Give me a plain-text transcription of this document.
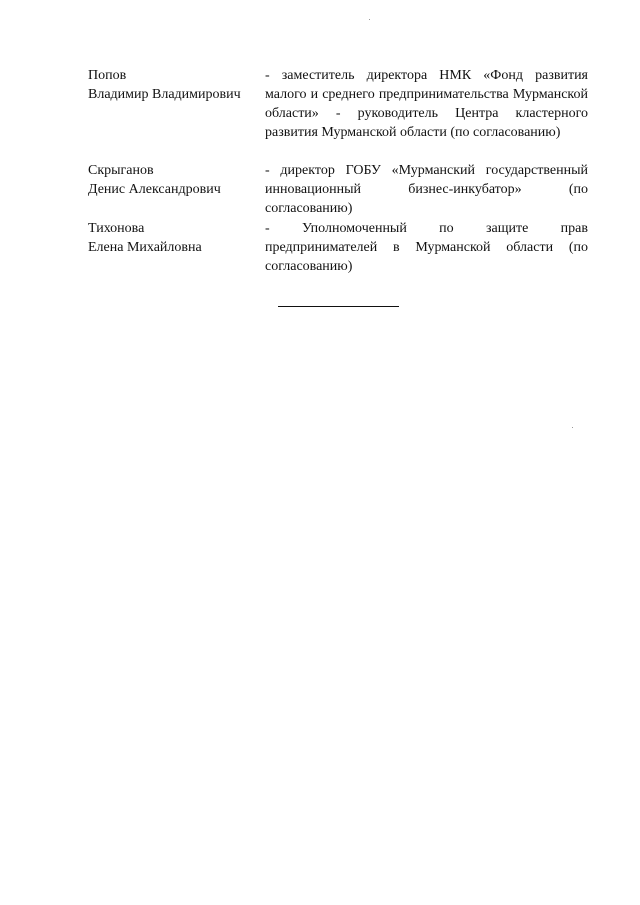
Попов
Владимир Владимирович
- заместитель директора НМК «Фонд развития малого и среднего предпринимательства Мурманской области» - руководитель Центра кластерного развития Мурманской области (по согласованию)
Скрыганов
Денис Александрович
- директор ГОБУ «Мурманский государственный инновационный бизнес-инкубатор» (по согласованию)
Тихонова
Елена Михайловна
- Уполномоченный по защите прав предпринимателей в Мурманской области (по согласованию)
